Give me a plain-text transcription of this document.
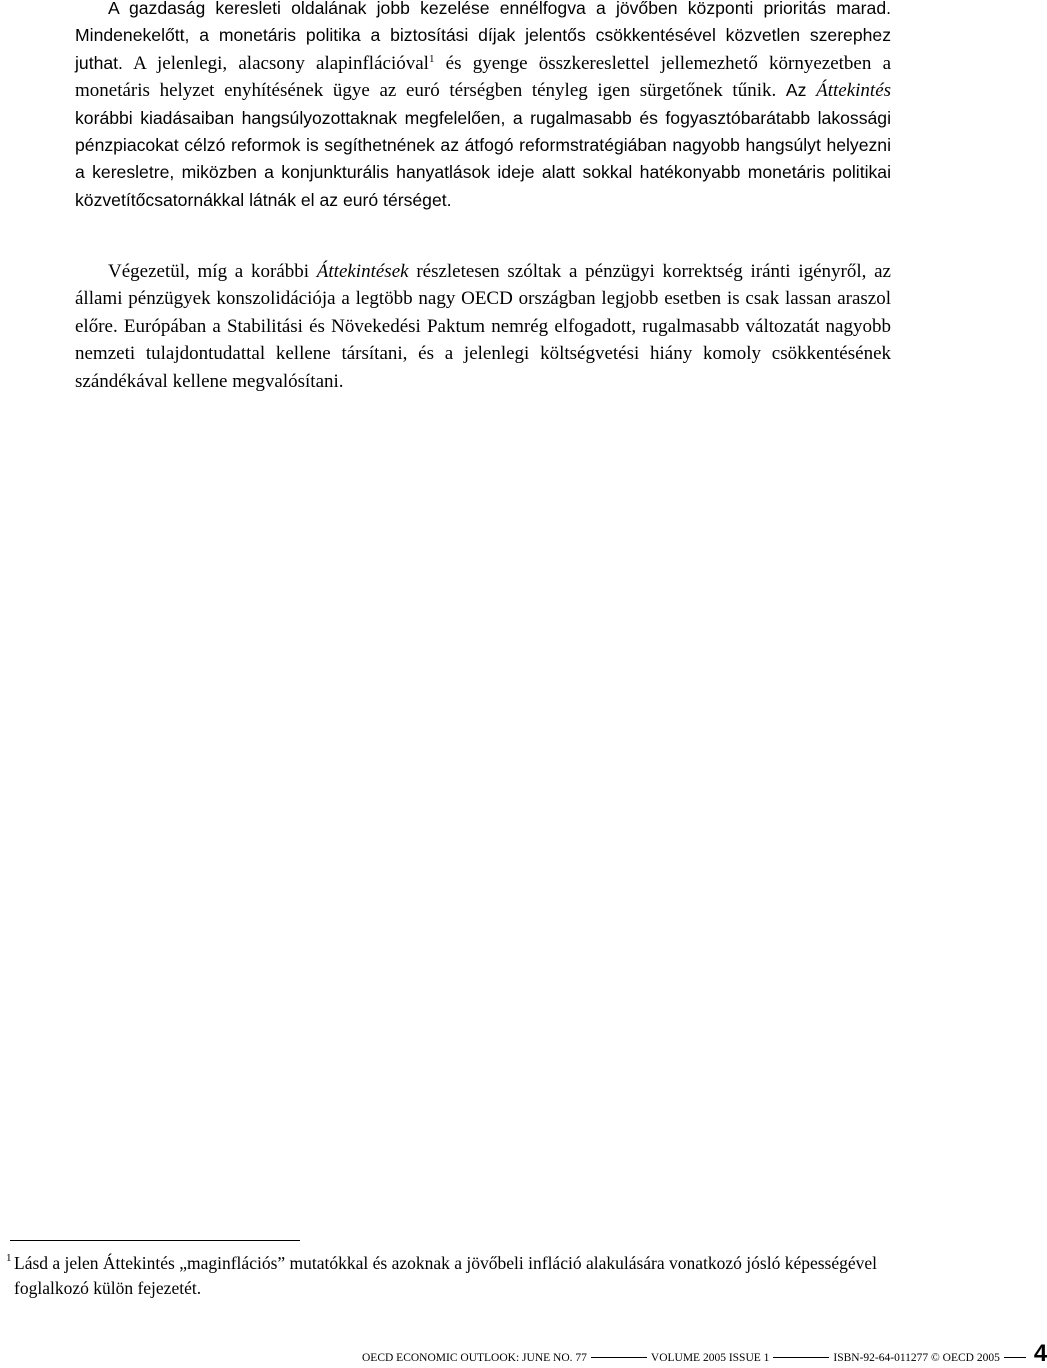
A gazdaság keresleti oldalának jobb kezelése ennélfogva a jövőben központi prioritás marad. Mindenekelőtt, a monetáris politika a biztosítási díjak jelentős csökkentésével közvetlen szerephez juthat. A jelenlegi, alacsony alapinflációval$^1$ és gyenge összkereslettel jellemezhető környezetben a monetáris helyzet enyhítésének ügye az euró térségben tényleg igen sürgetőnek tűnik. Az Áttekintés korábbi kiadásaiban hangsúlyozottaknak megfelelően, a rugalmasabb és fogyasztóbarátabb lakossági pénzpiacokat célzó reformok is segíthetnének az átfogó reformstratégiában nagyobb hangsúlyt helyezni a keresletre, miközben a konjunkturális hanyatlások ideje alatt sokkal hatékonyabb monetáris politikai közvetítőcsatornákkal látnák el az euró térséget.

Végezetül, míg a korábbi Áttekintések részletesen szóltak a pénzügyi korrektség iránti igényről, az állami pénzügyek konszolidációja a legtöbb nagy OECD országban legjobb esetben is csak lassan araszol előre. Európában a Stabilitási és Növekedési Paktum nemrég elfogadott, rugalmasabb változatát nagyobb nemzeti tulajdontudattal kellene társítani, és a jelenlegi költségvetési hiány komoly csökkentésének szándékával kellene megvalósítani.

1 Lásd a jelen Áttekintés „maginflációs” mutatókkal és azoknak a jövőbeli infláció alakulására vonatkozó jósló képességével foglalkozó külön fejezetét.

OECD ECONOMIC OUTLOOK: JUNE NO. 77	VOLUME 2005 ISSUE 1	ISBN-92-64-011277 © OECD 2005 4
